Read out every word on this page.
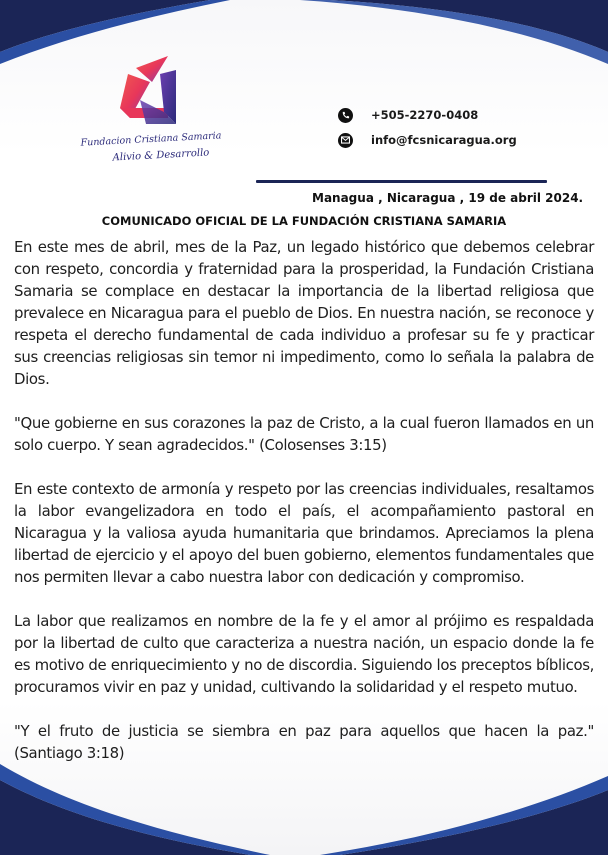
Fundacion Cristiana Samaria
Alivio & Desarrollo
+505-2270-0408
info@fcsnicaragua.org
Managua , Nicaragua , 19 de abril 2024.
COMUNICADO OFICIAL DE LA FUNDACIÓN CRISTIANA SAMARIA

En este mes de abril, mes de la Paz, un legado histórico que debemos celebrar con respeto, concordia y fraternidad para la prosperidad, la Fundación Cristiana Samaria se complace en destacar la importancia de la libertad religiosa que prevalece en Nicaragua para el pueblo de Dios. En nuestra nación, se reconoce y respeta el derecho fundamental de cada individuo a profesar su fe y practicar sus creencias religiosas sin temor ni impedimento, como lo señala la palabra de Dios.

"Que gobierne en sus corazones la paz de Cristo, a la cual fueron llamados en un solo cuerpo. Y sean agradecidos." (Colosenses 3:15)

En este contexto de armonía y respeto por las creencias individuales, resaltamos la labor evangelizadora en todo el país, el acompañamiento pastoral en Nicaragua y la valiosa ayuda humanitaria que brindamos. Apreciamos la plena libertad de ejercicio y el apoyo del buen gobierno, elementos fundamentales que nos permiten llevar a cabo nuestra labor con dedicación y compromiso.

La labor que realizamos en nombre de la fe y el amor al prójimo es respaldada por la libertad de culto que caracteriza a nuestra nación, un espacio donde la fe es motivo de enriquecimiento y no de discordia. Siguiendo los preceptos bíblicos, procuramos vivir en paz y unidad, cultivando la solidaridad y el respeto mutuo.

"Y el fruto de justicia se siembra en paz para aquellos que hacen la paz." (Santiago 3:18)
